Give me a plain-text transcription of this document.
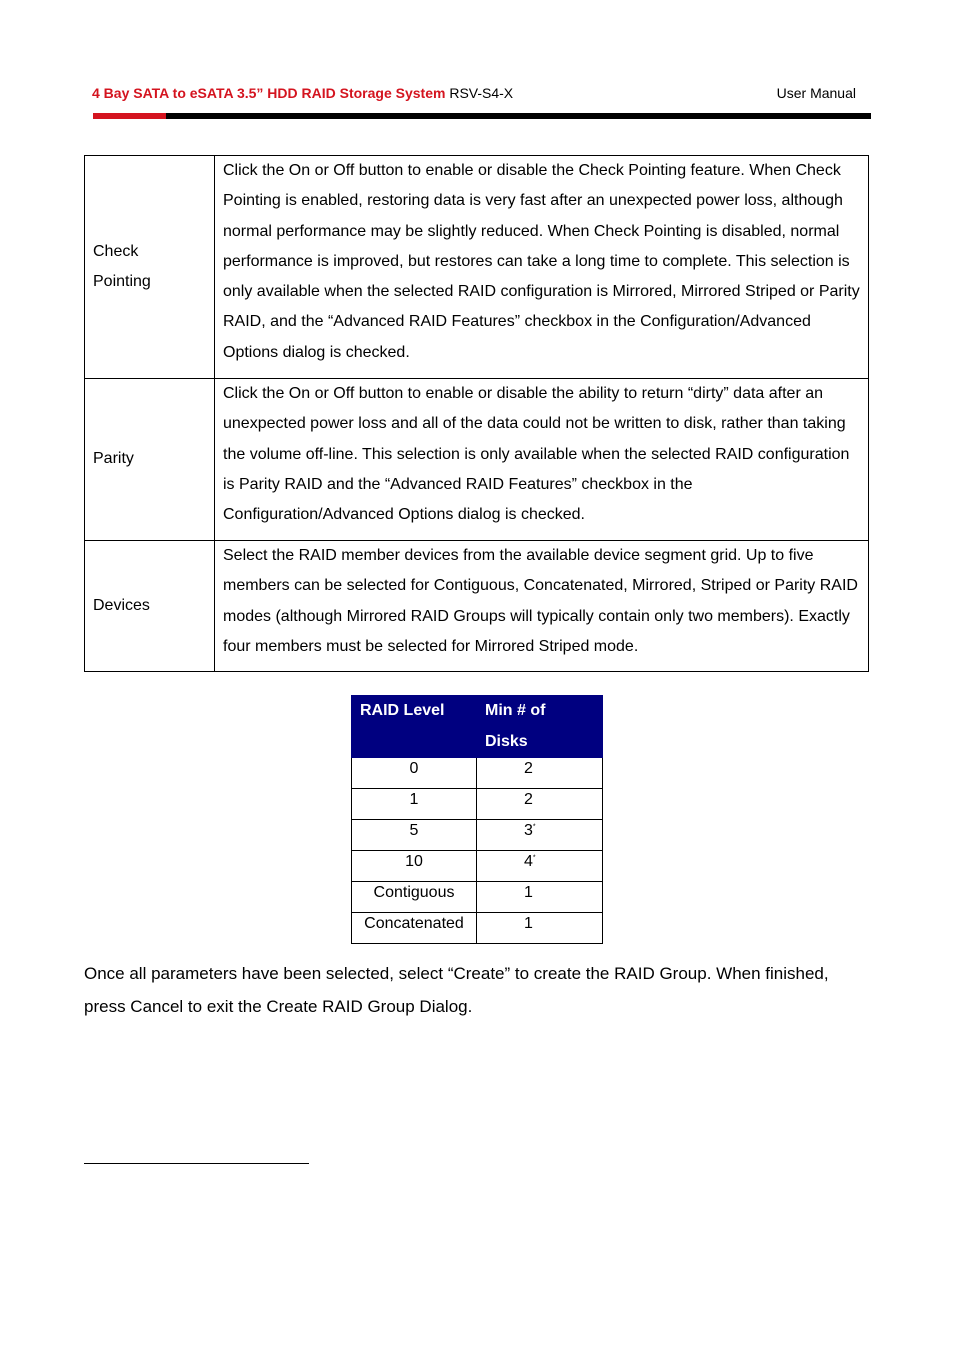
4 Bay SATA to eSATA 3.5” HDD RAID Storage System RSV-S4-X	User Manual
Check
Pointing	Click the On or Off button to enable or disable the Check Pointing feature. When Check Pointing is enabled, restoring data is very fast after an unexpected power loss, although normal performance may be slightly reduced. When Check Pointing is disabled, normal performance is improved, but restores can take a long time to complete. This selection is only available when the selected RAID configuration is Mirrored, Mirrored Striped or Parity RAID, and the “Advanced RAID Features” checkbox in the Configuration/Advanced Options dialog is checked.
Parity	Click the On or Off button to enable or disable the ability to return “dirty” data after an unexpected power loss and all of the data could not be written to disk, rather than taking the volume off-line. This selection is only available when the selected RAID configuration is Parity RAID and the “Advanced RAID Features” checkbox in the Configuration/Advanced Options dialog is checked.
Devices	Select the RAID member devices from the available device segment grid. Up to five members can be selected for Contiguous, Concatenated, Mirrored, Striped or Parity RAID modes (although Mirrored RAID Groups will typically contain only two members). Exactly four members must be selected for Mirrored Striped mode.
RAID Level	Min # of
Disks
0	2
1	2
5	3*
10	4*
Contiguous	1
Concatenated	1
Once all parameters have been selected, select “Create” to create the RAID Group. When finished, press Cancel to exit the Create RAID Group Dialog.
